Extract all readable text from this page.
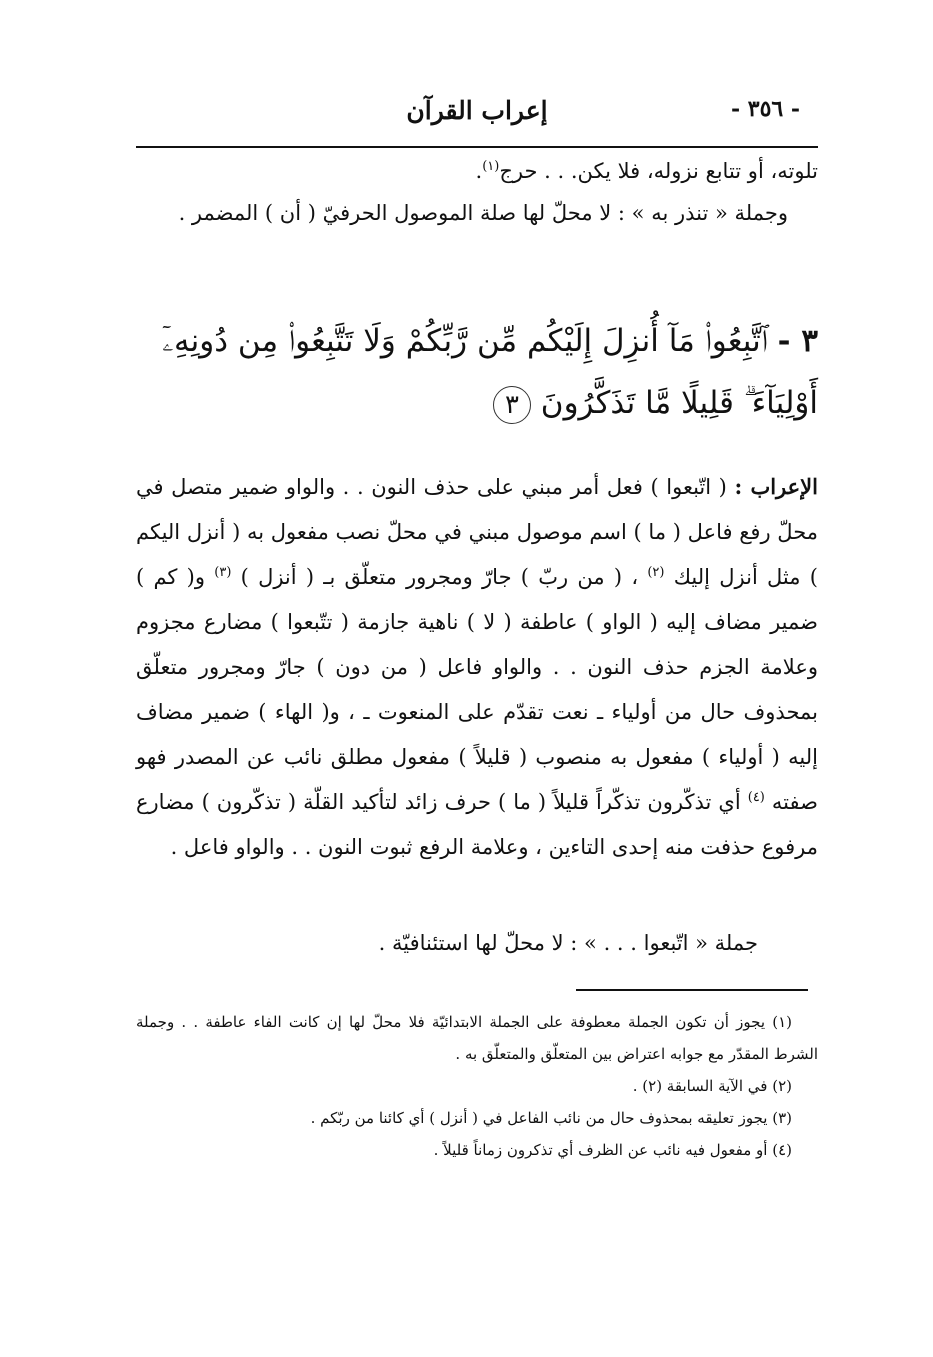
إعراب القرآن	- ٣٥٦ -

تلوته، أو تتابع نزوله، فلا يكن. . . حرج$^{(١)}$.

وجملة « تنذر به » : لا محلّ لها صلة الموصول الحرفيّ ( أن ) المضمر .

٣ - ٱتَّبِعُوا۟ مَآ أُنزِلَ إِلَيْكُم مِّن رَّبِّكُمْ وَلَا تَتَّبِعُوا۟ مِن دُونِهِۦٓ أَوْلِيَآءَ ۗ قَلِيلًا مَّا تَذَكَّرُونَ ٣

الإعراب : ( اتّبعوا ) فعل أمر مبني على حذف النون . . والواو ضمير متصل في محلّ رفع فاعل ( ما ) اسم موصول مبني في محلّ نصب مفعول به ( أنزل اليكم ) مثل أنزل إليك $^{(٢)}$ ، ( من ربّ ) جارّ ومجرور متعلّق بـ ( أنزل ) $^{(٣)}$ و( كم ) ضمير مضاف إليه ( الواو ) عاطفة ( لا ) ناهية جازمة ( تتّبعوا ) مضارع مجزوم وعلامة الجزم حذف النون . . والواو فاعل ( من دون ) جارّ ومجرور متعلّق بمحذوف حال من أولياء ـ نعت تقدّم على المنعوت ـ ، و( الهاء ) ضمير مضاف إليه ( أولياء ) مفعول به منصوب ( قليلاً ) مفعول مطلق نائب عن المصدر فهو صفته $^{(٤)}$ أي تذكّرون تذكّراً قليلاً ( ما ) حرف زائد لتأكيد القلّة ( تذكّرون ) مضارع مرفوع حذفت منه إحدى التاءين ، وعلامة الرفع ثبوت النون . . والواو فاعل .

جملة « اتّبعوا . . . » : لا محلّ لها استئنافيّة .

(١) يجوز أن تكون الجملة معطوفة على الجملة الابتدائيّة فلا محلّ لها إن كانت الفاء عاطفة . . وجملة الشرط المقدّر مع جوابه اعتراض بين المتعلّق والمتعلّق به .

(٢) في الآية السابقة (٢) .

(٣) يجوز تعليقه بمحذوف حال من نائب الفاعل في ( أنزل ) أي كائنا من ربّكم .

(٤) أو مفعول فيه نائب عن الظرف أي تذكرون زماناً قليلاً .
